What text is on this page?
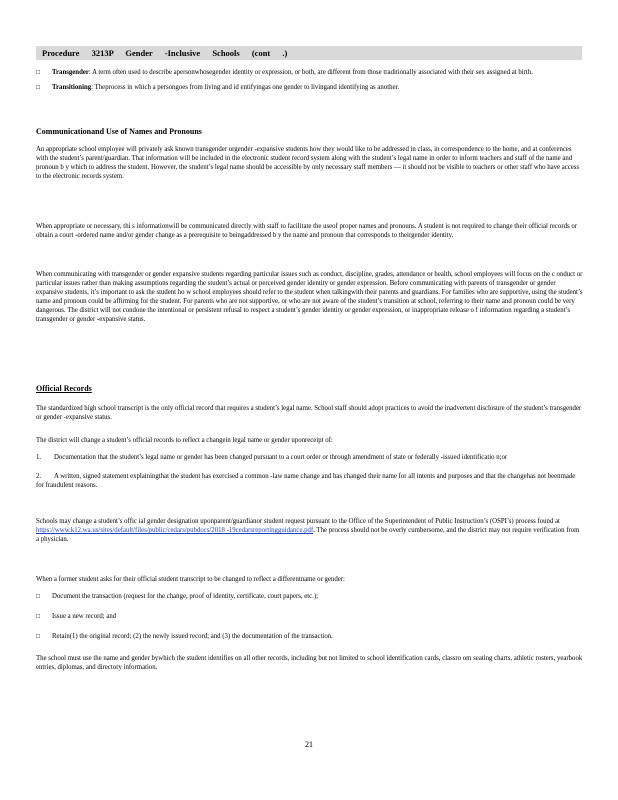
Procedure 3213P Gender -Inclusive Schools (cont .)
□ Transgender: A term often used to describe apersonwhosegender identity or expression, or both, are different from those traditionally associated with their sex assigned at birth.
□ Transitioning: Theprocess in which a persongoes from living and id entifyingas one gender to livingand identifying as another.
Communicationand Use of Names and Pronouns
An appropriate school employee will privately ask known transgender orgender -expansive students how they would like to be addressed in class, in correspondence to the home, and at conferences with the student’s parent/guardian. That information will be included in the electronic student record system along with the student’s legal name in order to inform teachers and staff of the name and pronoun b y which to address the student. However, the student’s legal name should be accessible by only necessary staff members — it should not be visible to teachers or other staff who have access to the electronic records system.
When appropriate or necessary, thi s informationwill be communicated directly with staff to facilitate the useof proper names and pronouns. A student is not required to change their official records or obtain a court -ordered name and/or gender change as a prerequisite to beingaddressed b y the name and pronoun that corresponds to theirgender identity.
When communicating with transgender or gender expansive students regarding particular issues such as conduct, discipline, grades, attendance or health, school employees will focus on the c onduct or particular issues rather than making assumptions regarding the student’s actual or perceived gender identity or gender expression. Before communicating with parents of transgender or gender expansive students, it’s important to ask the student ho w school employees should refer to the student when talkingwith their parents and guardians. For families who are supportive, using the student’s name and pronoun could be affirming for the student. For parents who are not supportive, or who are not aware of the student’s transition at school, referring to their name and pronoun could be very dangerous. The district will not condone the intentional or persistent refusal to respect a student’s gender identity or gender expression, or inappropriate release o f information regarding a student’s transgender or gender -expansive status.
Official Records
The standardized high school transcript is the only official record that requires a student’s legal name. School staff should adopt practices to avoid the inadvertent disclosure of the student’s transgender or gender -expansive status.
The district will change a student’s official records to reflect a changein legal name or gender uponreceipt of:
1. Documentation that the student’s legal name or gender has been changed pursuant to a court order or through amendment of state or federally -issued identificatio n;or
2. A written, signed statement explainingthat the student has exercised a common -law name change and has changed their name for all intents and purposes and that the changehas not beenmade for fraudulent reasons.
Schools may change a student’s offic ial gender designation uponparent/guardianor student request pursuant to the Office of the Superintendent of Public Instruction’s (OSPI’s) process found at https://www.k12.wa.us/sites/default/files/public/cedars/pubdocs/2018 -19cedarsreportingguidance.pdf. The process should not be overly cumbersome, and the district may not require verification from a physician.
When a former student asks for their official student transcript to be changed to reflect a differentname or gender:
□ Document the transaction (request for the change, proof of identity, certificate, court papers, etc.);
□ Issue a new record; and
□ Retain(1) the original record; (2) the newly issued record; and (3) the documentation of the transaction.
The school must use the name and gender bywhich the student identifies on all other records, including but not limited to school identification cards, classro om seating charts, athletic rosters, yearbook entries, diplomas, and directory information.
21
